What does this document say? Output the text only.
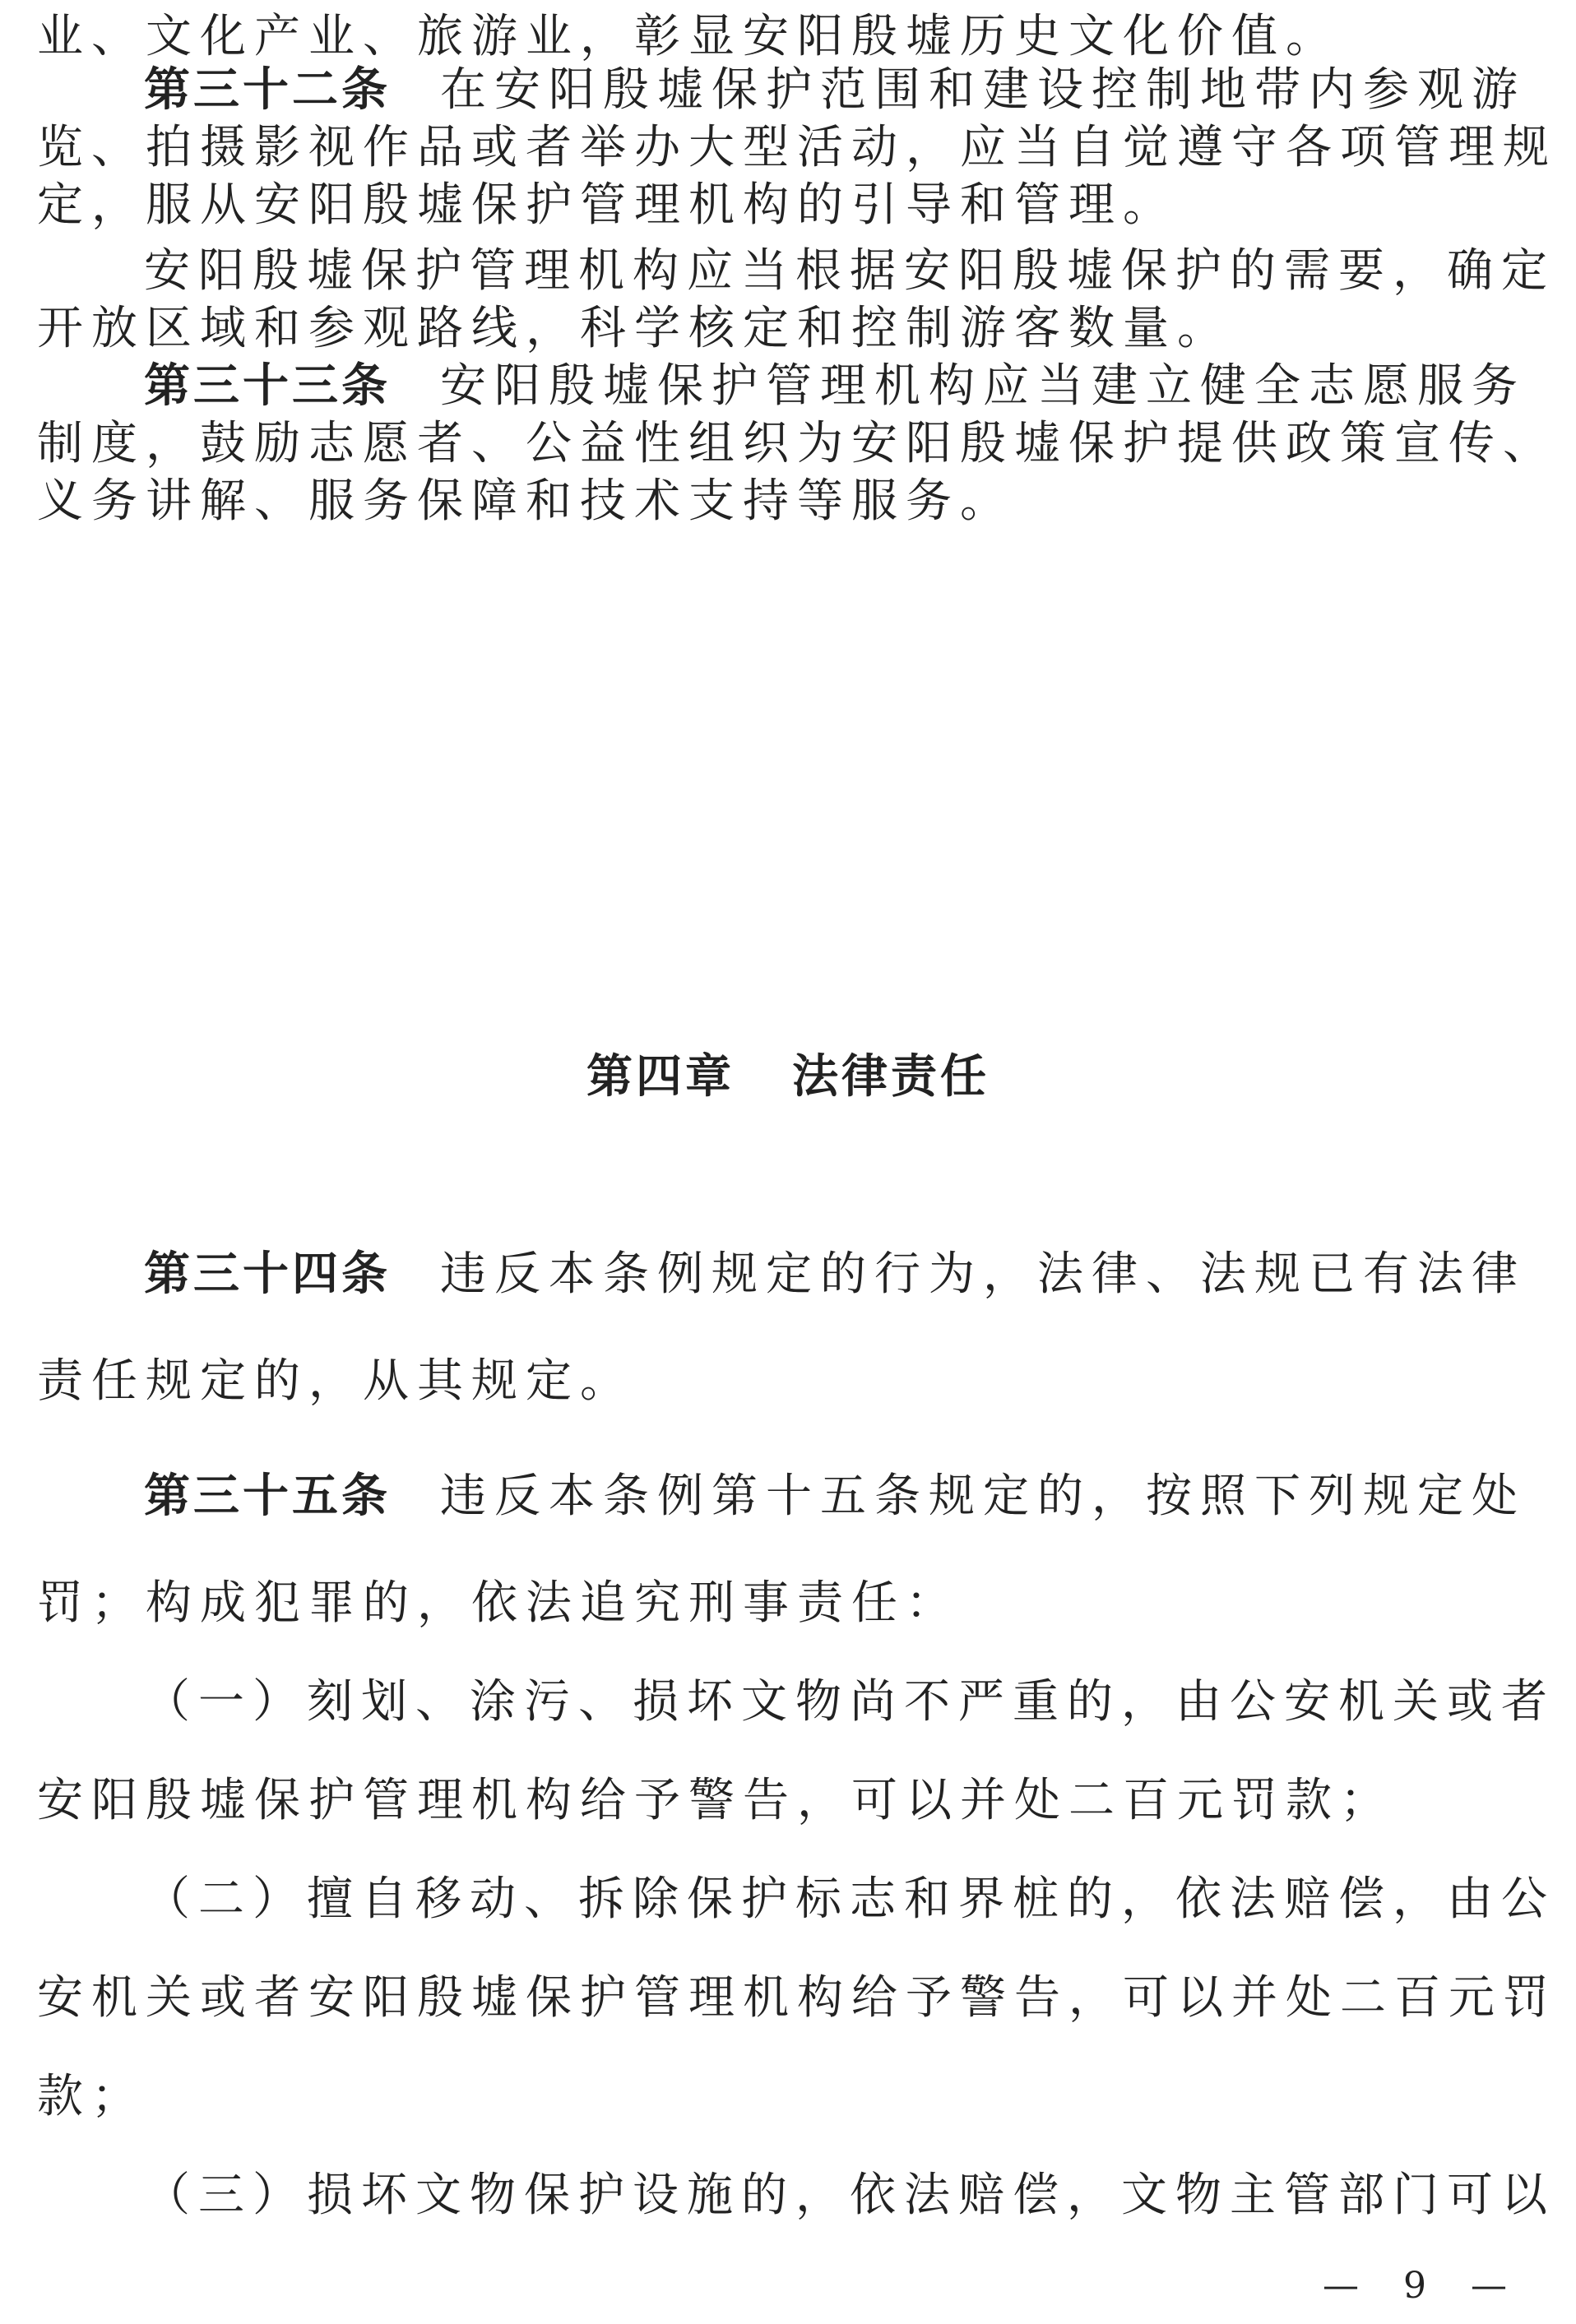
业、文化产业、旅游业，彰显安阳殷墟历史文化价值。
第三十二条 在安阳殷墟保护范围和建设控制地带内参观游
览、拍摄影视作品或者举办大型活动，应当自觉遵守各项管理规
定，服从安阳殷墟保护管理机构的引导和管理。
安阳殷墟保护管理机构应当根据安阳殷墟保护的需要，确定
开放区域和参观路线，科学核定和控制游客数量。
第三十三条 安阳殷墟保护管理机构应当建立健全志愿服务
制度，鼓励志愿者、公益性组织为安阳殷墟保护提供政策宣传、
义务讲解、服务保障和技术支持等服务。
第四章 法律责任
第三十四条 违反本条例规定的行为，法律、法规已有法律
责任规定的，从其规定。
第三十五条 违反本条例第十五条规定的，按照下列规定处
罚；构成犯罪的，依法追究刑事责任：
（一）刻划、涂污、损坏文物尚不严重的，由公安机关或者
安阳殷墟保护管理机构给予警告，可以并处二百元罚款；
（二）擅自移动、拆除保护标志和界桩的，依法赔偿，由公
安机关或者安阳殷墟保护管理机构给予警告，可以并处二百元罚
款；
（三）损坏文物保护设施的，依法赔偿，文物主管部门可以
— 9 —
